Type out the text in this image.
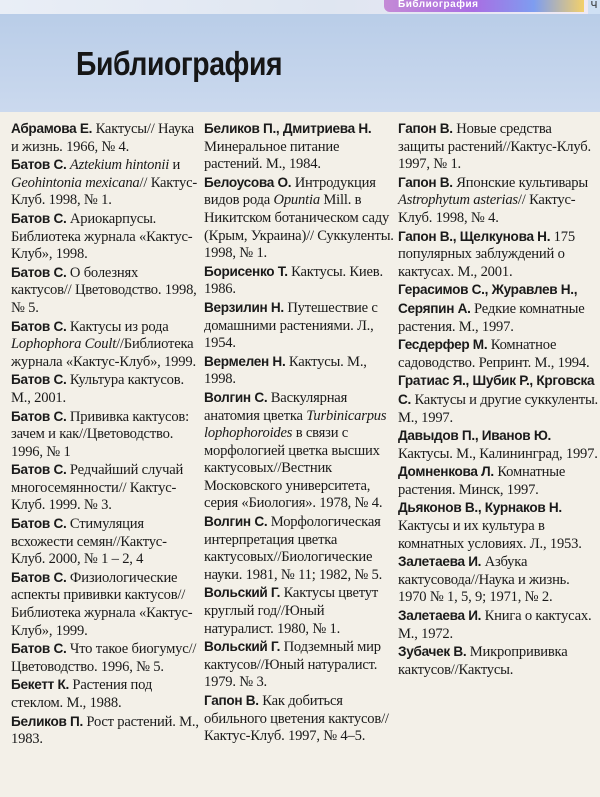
Библиография	Ч
Библиография

Абрамова Е. Кактусы// Наука и жизнь. 1966, № 4.

Батов С. Aztekium hintonii и Geohintonia mexicana// Кактус-Клуб. 1998, № 1.

Батов С. Ариокарпусы. Библиотека журнала «Кактус-Клуб», 1998.

Батов С. О болезнях кактусов// Цветоводство. 1998, № 5.

Батов С. Кактусы из рода Lophophora Coult//Библиотека журнала «Кактус-Клуб», 1999.

Батов С. Культура кактусов. М., 2001.

Батов С. Прививка кактусов: зачем и как//Цветоводство. 1996, № 1

Батов С. Редчайший случай многосемянности// Кактус-Клуб. 1999. № 3.

Батов С. Стимуляция всхожести семян//Кактус-Клуб. 2000, № 1 – 2, 4

Батов С. Физиологические аспекты прививки кактусов//Библиотека журнала «Кактус-Клуб», 1999.

Батов С. Что такое биогумус//Цветоводство. 1996, № 5.

Бекетт К. Растения под стеклом. М., 1988.

Беликов П. Рост растений. М., 1983.

Беликов П., Дмитриева Н. Минеральное питание растений. М., 1984.

Белоусова О. Интродукция видов рода Opuntia Mill. в Никитском ботаническом саду (Крым, Украина)// Суккуленты. 1998, № 1.

Борисенко Т. Кактусы. Киев. 1986.

Верзилин Н. Путешествие с домашними растениями. Л., 1954.

Вермелен Н. Кактусы. М., 1998.

Волгин С. Васкулярная анатомия цветка Turbinicarpus lophophoroides в связи с морфологией цветка высших кактусовых//Вестник Московского университета, серия «Биология». 1978, № 4.

Волгин С. Морфологическая интерпретация цветка кактусовых//Биологические науки. 1981, № 11; 1982, № 5.

Вольский Г. Кактусы цветут круглый год//Юный натуралист. 1980, № 1.

Вольский Г. Подземный мир кактусов//Юный натуралист. 1979. № 3.

Гапон В. Как добиться обильного цветения кактусов// Кактус-Клуб. 1997, № 4–5.

Гапон В. Новые средства защиты растений//Кактус-Клуб. 1997, № 1.

Гапон В. Японские культивары Astrophytum asterias// Кактус-Клуб. 1998, № 4.

Гапон В., Щелкунова Н. 175 популярных заблуждений о кактусах. М., 2001.

Герасимов С., Журавлев Н., Серяпин А. Редкие комнатные растения. М., 1997.

Гесдерфер М. Комнатное садоводство. Репринт. М., 1994.

Гратиас Я., Шубик Р., Крговска С. Кактусы и другие суккуленты. М., 1997.

Давыдов П., Иванов Ю. Кактусы. М., Калининград, 1997.

Домненкова Л. Комнатные растения. Минск, 1997.

Дьяконов В., Курнаков Н. Кактусы и их культура в комнатных условиях. Л., 1953.

Залетаева И. Азбука кактусовода//Наука и жизнь. 1970 № 1, 5, 9; 1971, № 2.

Залетаева И. Книга о кактусах. М., 1972.

Зубачек В. Микропрививка кактусов//Кактусы.
